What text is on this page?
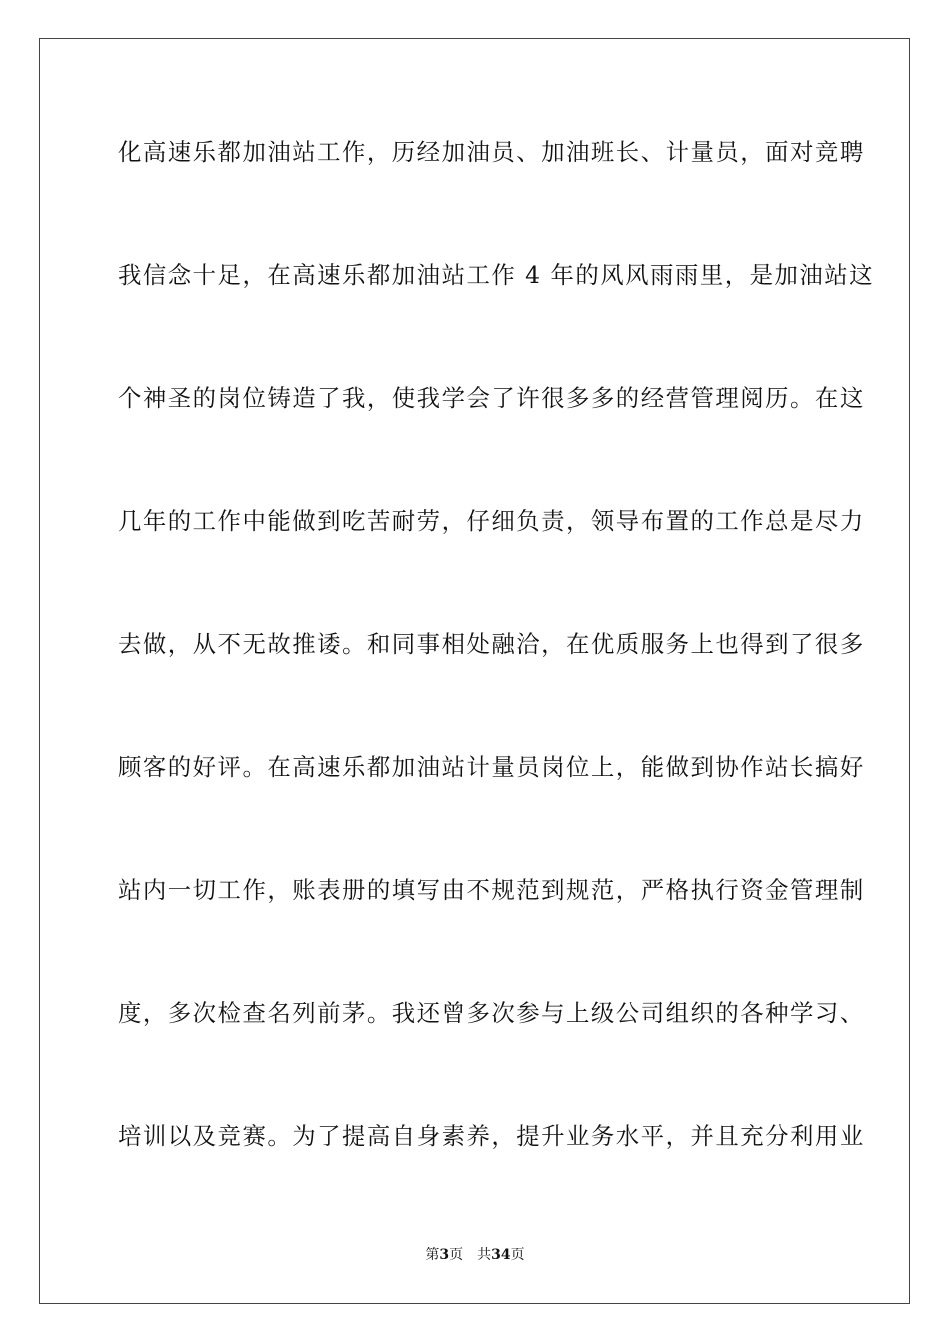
化高速乐都加油站工作，历经加油员、加油班长、计量员，面对竞聘
我信念十足，在高速乐都加油站工作 4 年的风风雨雨里，是加油站这
个神圣的岗位铸造了我，使我学会了许很多多的经营管理阅历。在这
几年的工作中能做到吃苦耐劳，仔细负责，领导布置的工作总是尽力
去做，从不无故推诿。和同事相处融洽，在优质服务上也得到了很多
顾客的好评。在高速乐都加油站计量员岗位上，能做到协作站长搞好
站内一切工作，账表册的填写由不规范到规范，严格执行资金管理制
度，多次检查名列前茅。我还曾多次参与上级公司组织的各种学习、
培训以及竞赛。为了提高自身素养，提升业务水平，并且充分利用业
第3页 共34页
